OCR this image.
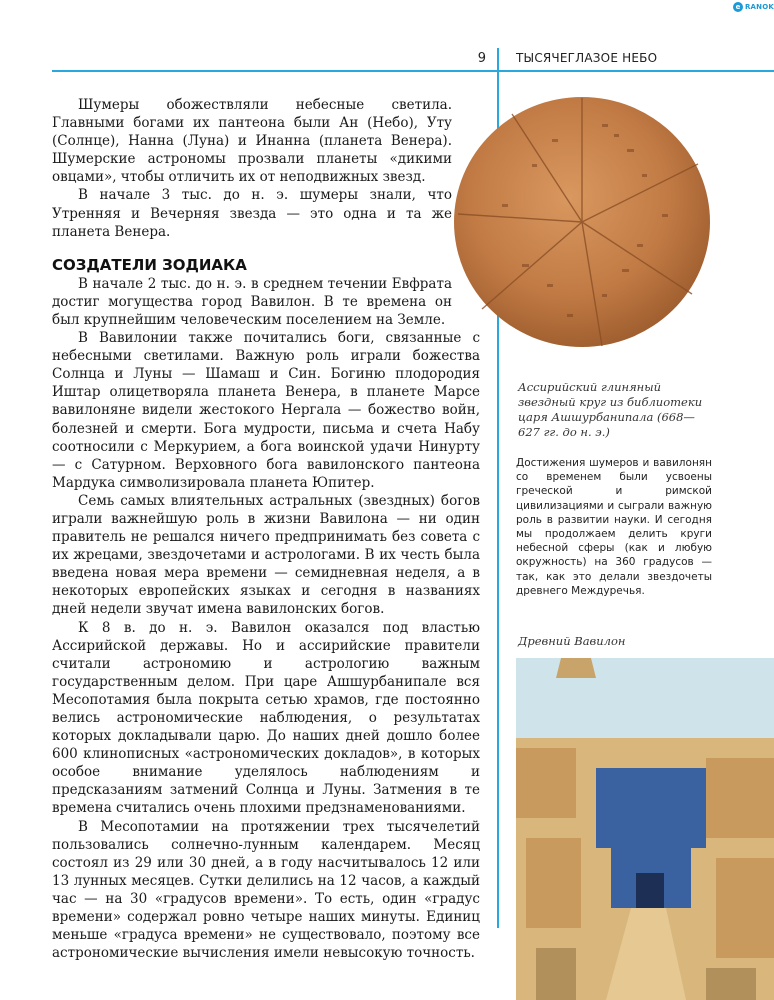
e RANOK
9	ТЫСЯЧЕГЛАЗОЕ НЕБО

Шумеры обожествляли небесные светила. Главными богами их пантеона были Ан (Небо), Уту (Солнце), Нанна (Луна) и Инанна (планета Венера). Шумерские астрономы прозвали планеты «дикими овцами», чтобы отличить их от неподвижных звезд.

В начале 3 тыс. до н. э. шумеры знали, что Утренняя и Вечерняя звезда — это одна и та же планета Венера.

СОЗДАТЕЛИ ЗОДИАКА

В начале 2 тыс. до н. э. в среднем течении Евфрата достиг могущества город Вавилон. В те времена он был крупнейшим человеческим поселением на Земле.

В Вавилонии также почитались боги, связанные с небесными светилами. Важную роль играли божества Солнца и Луны — Шамаш и Син. Богиню плодородия Иштар олицетворяла планета Венера, в планете Марсе вавилоняне видели жестокого Нергала — божество войн, болезней и смерти. Бога мудрости, письма и счета Набу соотносили с Меркурием, а бога воинской удачи Нинурту — с Сатурном. Верховного бога вавилонского пантеона Мардука символизировала планета Юпитер.

Семь самых влиятельных астральных (звездных) богов играли важнейшую роль в жизни Вавилона — ни один правитель не решался ничего предпринимать без совета с их жрецами, звездочетами и астрологами. В их честь была введена новая мера времени — семидневная неделя, а в некоторых европейских языках и сегодня в названиях дней недели звучат имена вавилонских богов.

К 8 в. до н. э. Вавилон оказался под властью Ассирийской державы. Но и ассирийские правители считали астрономию и астрологию важным государственным делом. При царе Ашшурбанипале вся Месопотамия была покрыта сетью храмов, где постоянно велись астрономические наблюдения, о результатах которых докладывали царю. До наших дней дошло более 600 клинописных «астрономических докладов», в которых особое внимание уделялось наблюдениям и предсказаниям затмений Солнца и Луны. Затмения в те времена считались очень плохими предзнаменованиями.

В Месопотамии на протяжении трех тысячелетий пользовались солнечно-лунным календарем. Месяц состоял из 29 или 30 дней, а в году насчитывалось 12 или 13 лунных месяцев. Сутки делились на 12 часов, а каждый час — на 30 «градусов времени». То есть, один «градус времени» содержал ровно четыре наших минуты. Единиц меньше «градуса времени» не существовало, поэтому все астрономические вычисления имели невысокую точность.

Ассирийский глиняный звездный круг из библиотеки царя Ашшурбанипала (668—627 гг. до н. э.)
Достижения шумеров и вавилонян со временем были усвоены греческой и римской цивилизациями и сыграли важную роль в развитии науки. И сегодня мы продолжаем делить круги небесной сферы (как и любую окружность) на 360 градусов — так, как это делали звездочеты древнего Междуречья.
Древний Вавилон
